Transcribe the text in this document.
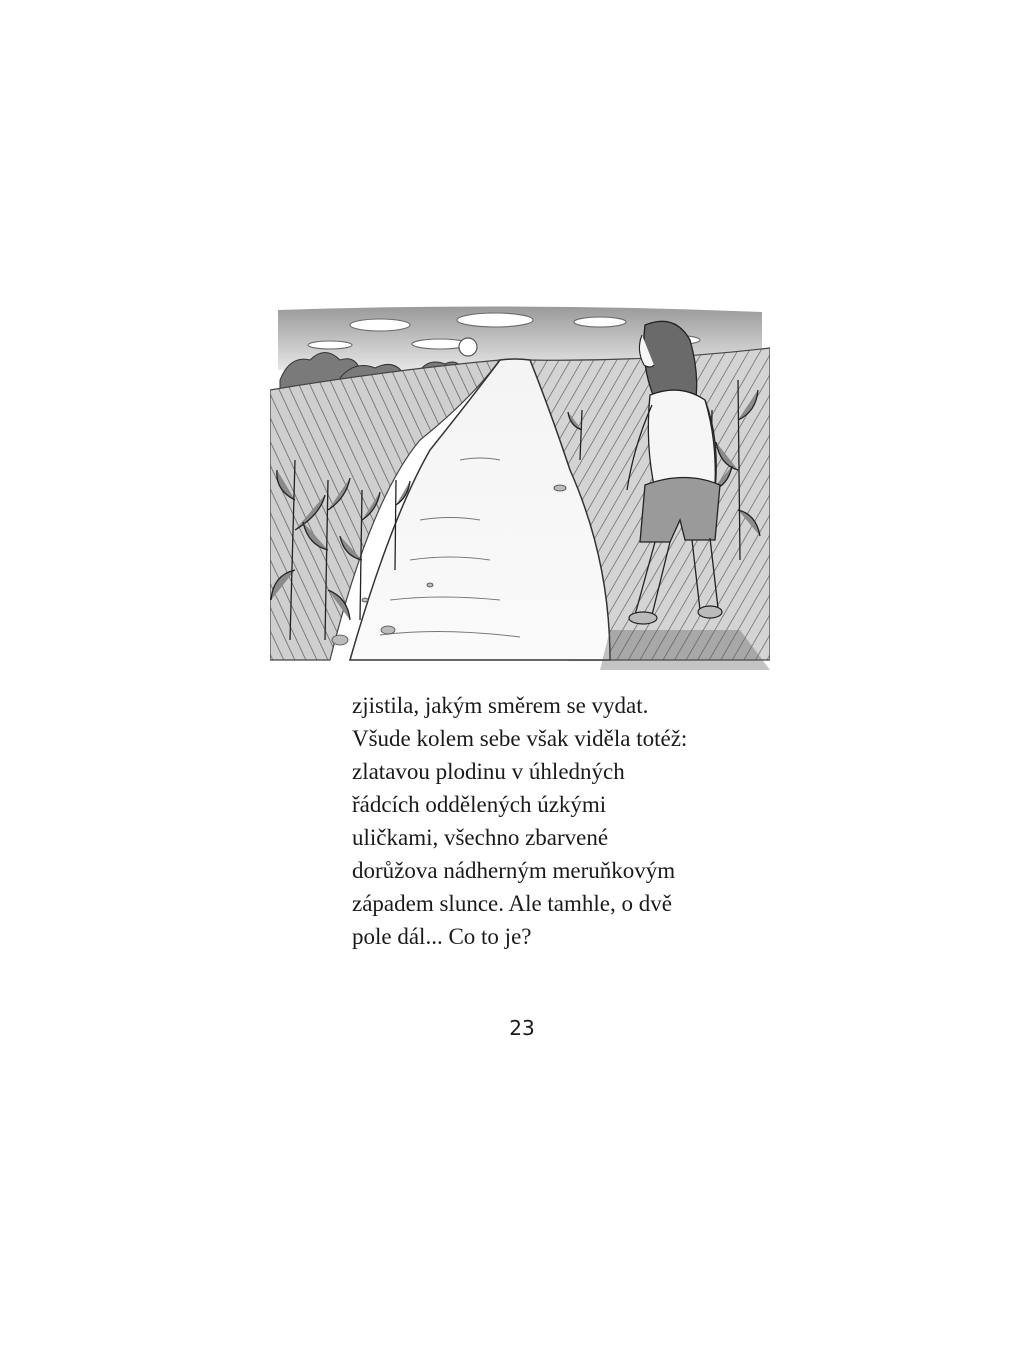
zjistila, jakým směrem se vydat.
Všude kolem sebe však viděla totéž:
zlatavou plodinu v úhledných
řádcích oddělených úzkými
uličkami, všechno zbarvené
dorůžova nádherným meruňkovým
západem slunce. Ale tamhle, o dvě
pole dál... Co to je?
23
